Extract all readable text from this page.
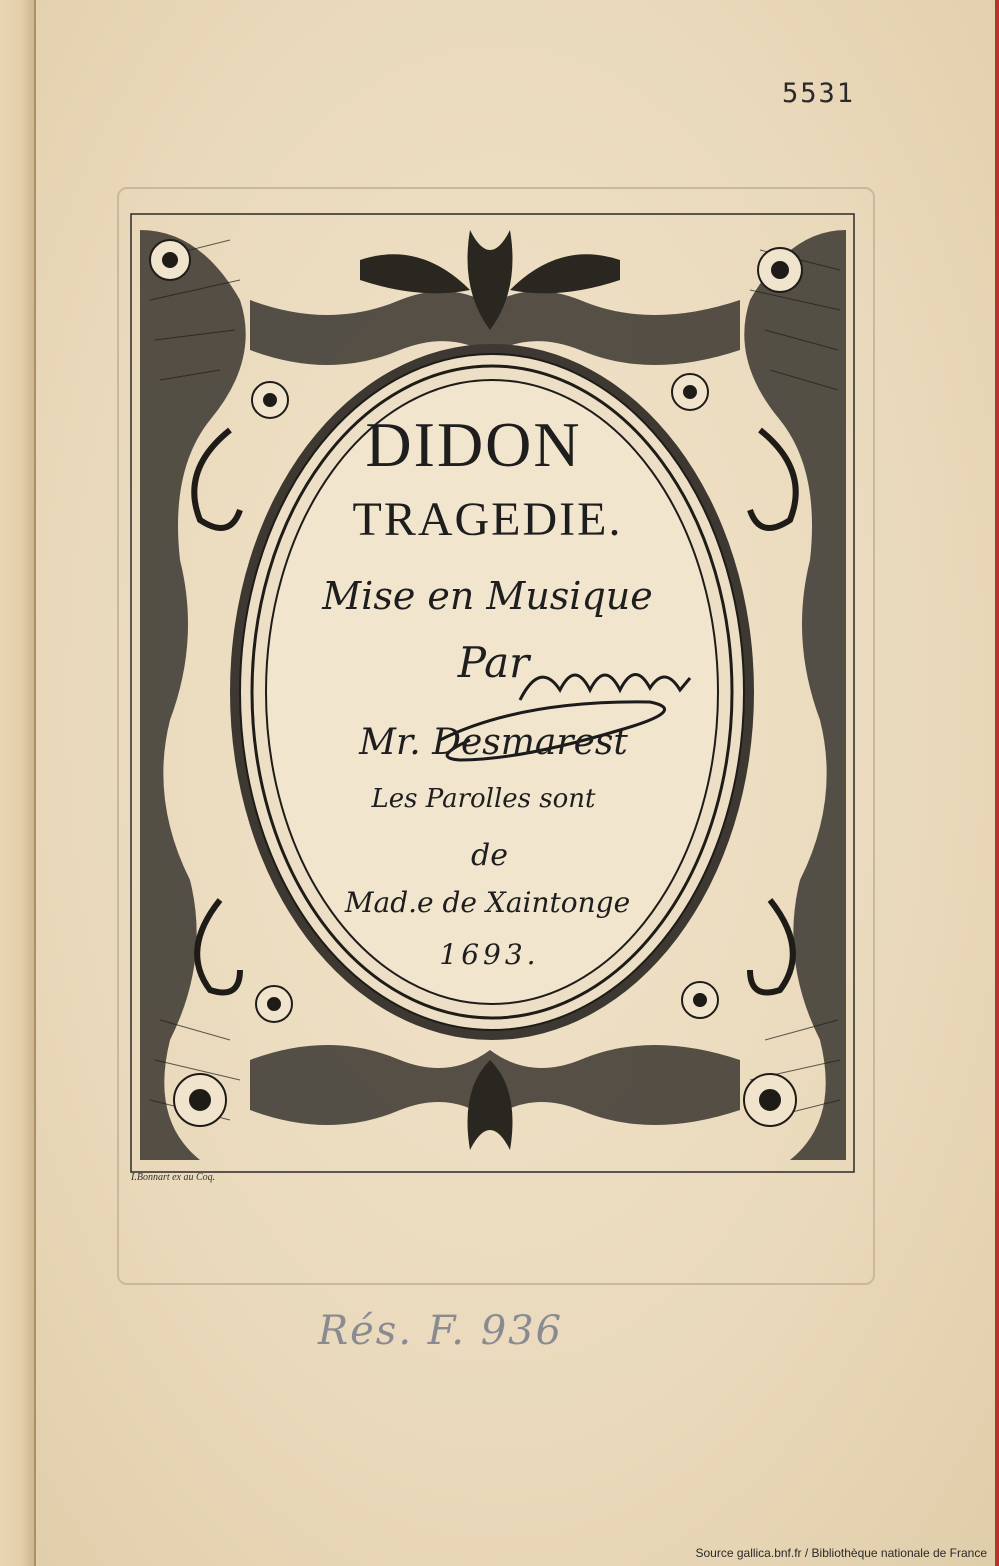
5531
DIDON
TRAGEDIE.
Mise en Musique
Par
Mr. Desmarest
Les Parolles sont
de
Mad.e de Xaintonge
1693.
I.Bonnart ex au Coq.
Rés. F. 936
Source gallica.bnf.fr / Bibliothèque nationale de France
